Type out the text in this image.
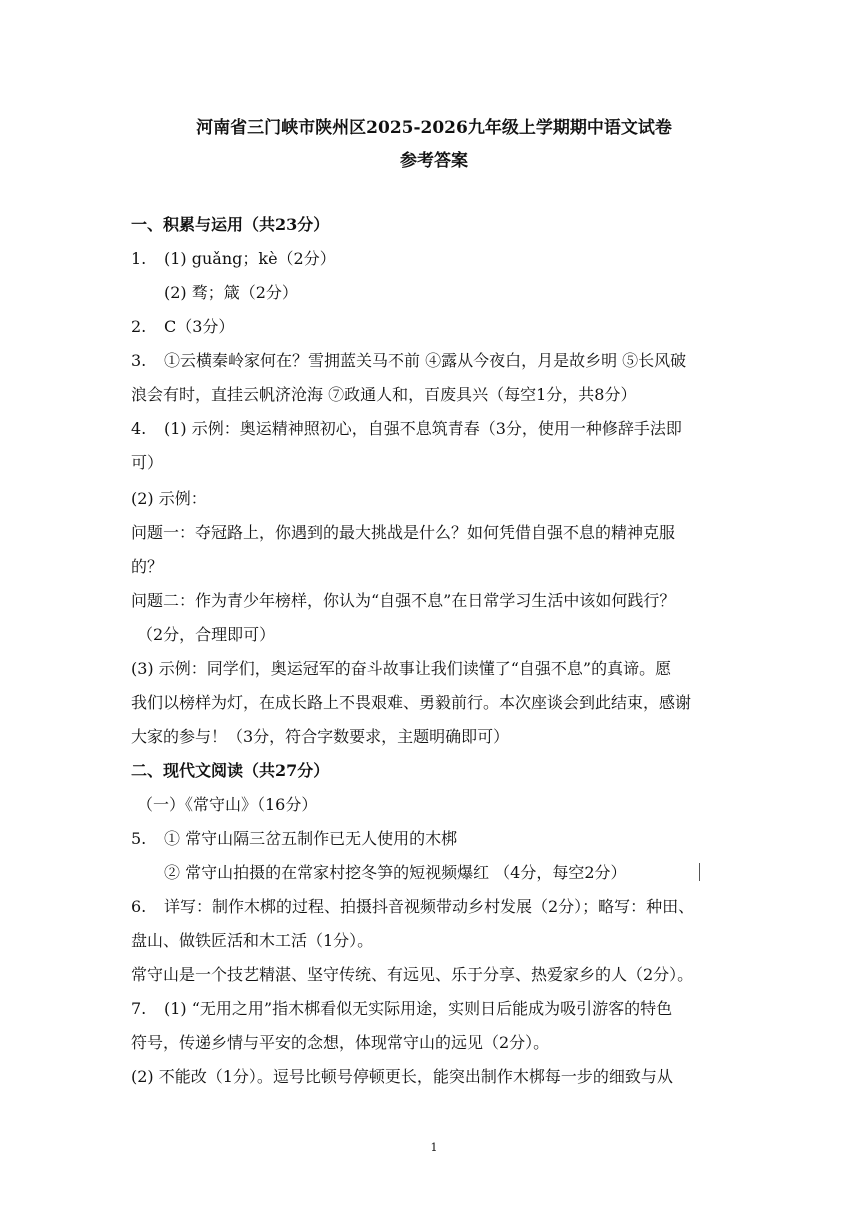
河南省三门峡市陕州区2025-2026九年级上学期期中语文试卷
参考答案
一、积累与运用（共23分）
1. (1) guǎng；kè（2分）
(2) 骛；箴（2分）
2. C（3分）
3. ①云横秦岭家何在？雪拥蓝关马不前 ④露从今夜白，月是故乡明 ⑤长风破
浪会有时，直挂云帆济沧海 ⑦政通人和，百废具兴（每空1分，共8分）
4. (1) 示例：奥运精神照初心，自强不息筑青春（3分，使用一种修辞手法即
可）
(2) 示例：
问题一：夺冠路上，你遇到的最大挑战是什么？如何凭借自强不息的精神克服
的？
问题二：作为青少年榜样，你认为“自强不息”在日常学习生活中该如何践行？
（2分，合理即可）
(3) 示例：同学们，奥运冠军的奋斗故事让我们读懂了“自强不息”的真谛。愿
我们以榜样为灯，在成长路上不畏艰难、勇毅前行。本次座谈会到此结束，感谢
大家的参与！（3分，符合字数要求，主题明确即可）
二、现代文阅读（共27分）
（一）《常守山》（16分）
5. ① 常守山隔三岔五制作已无人使用的木梆
② 常守山拍摄的在常家村挖冬笋的短视频爆红 （4分，每空2分）
6. 详写：制作木梆的过程、拍摄抖音视频带动乡村发展（2分）；略写：种田、
盘山、做铁匠活和木工活（1分）。
常守山是一个技艺精湛、坚守传统、有远见、乐于分享、热爱家乡的人（2分）。
7. (1) “无用之用”指木梆看似无实际用途，实则日后能成为吸引游客的特色
符号，传递乡情与平安的念想，体现常守山的远见（2分）。
(2) 不能改（1分）。逗号比顿号停顿更长，能突出制作木梆每一步的细致与从
1
